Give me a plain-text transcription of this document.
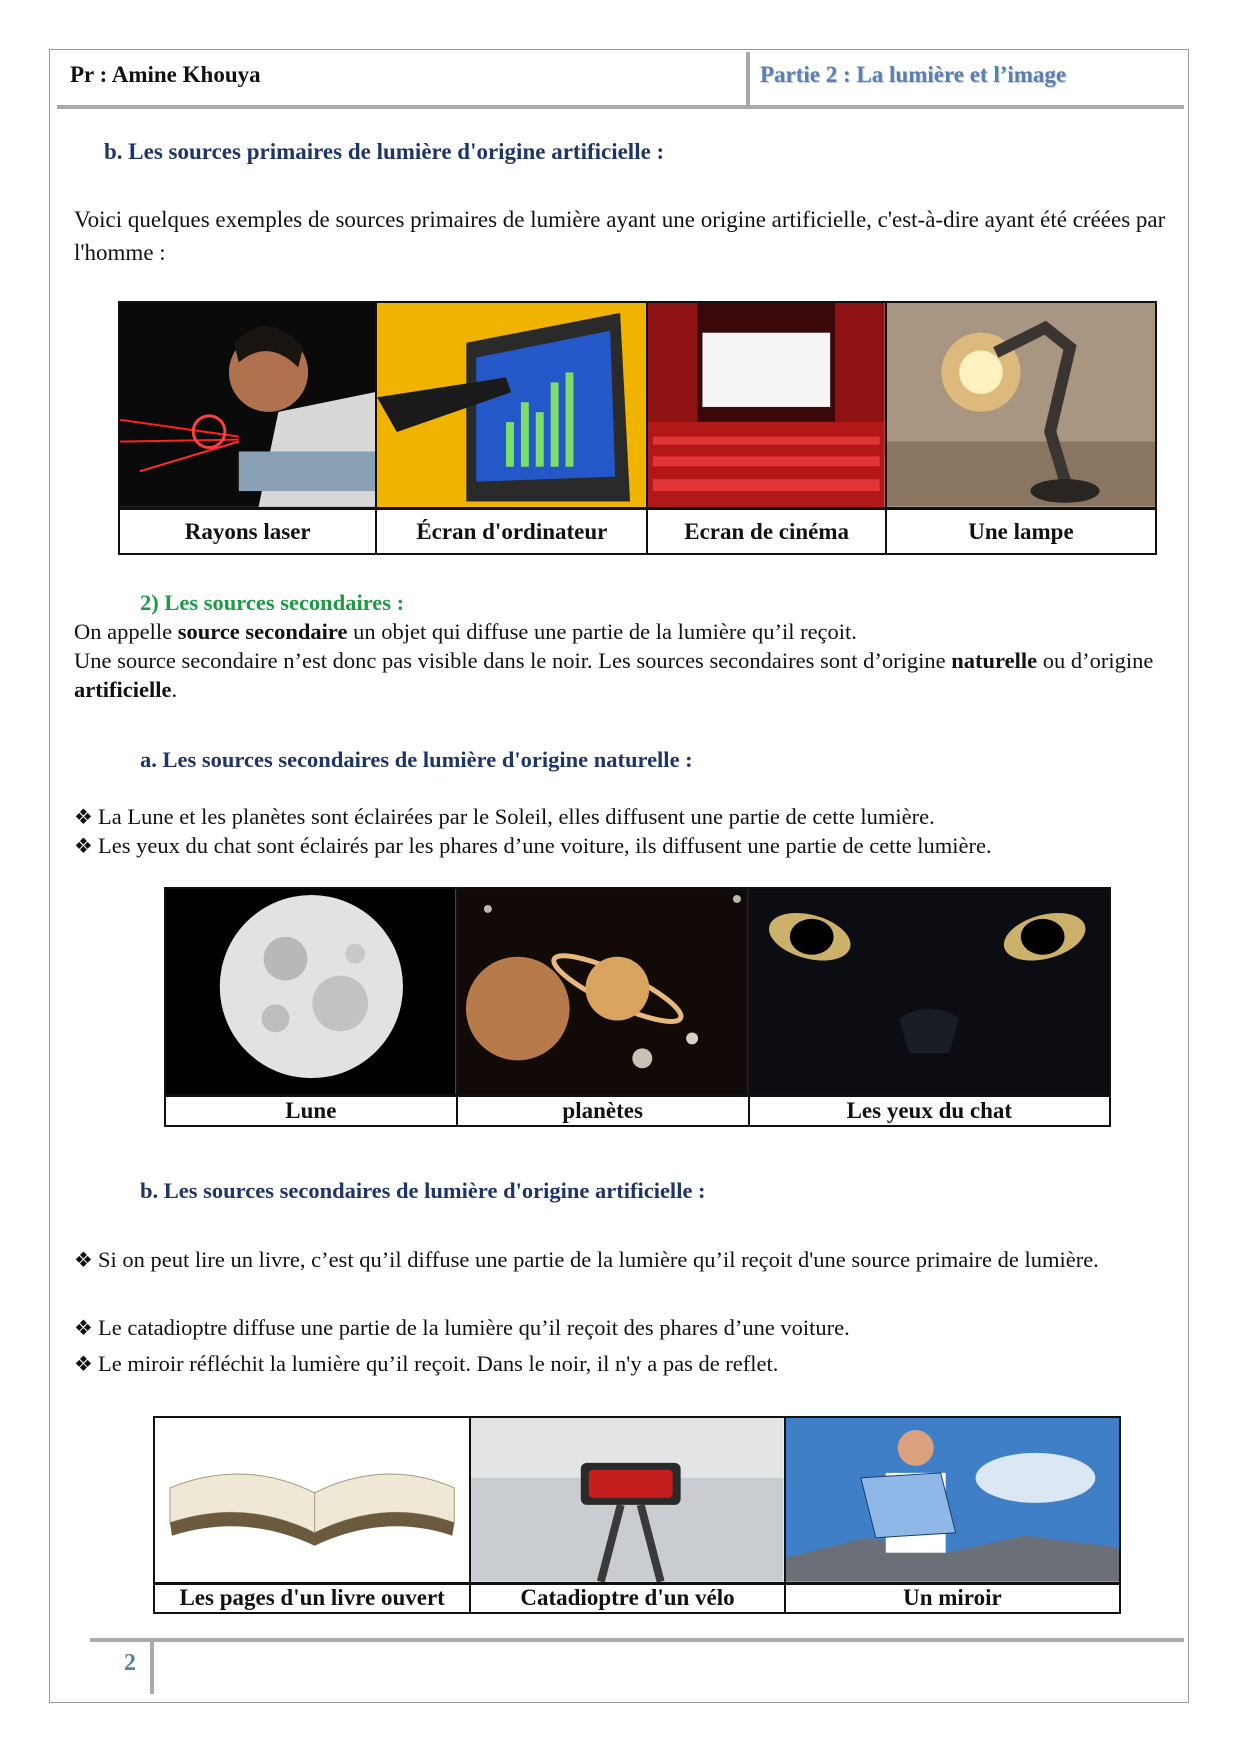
Pr : Amine Khouya	Partie 2 : La lumière et l’image
b. Les sources primaires de lumière d'origine artificielle :
Voici quelques exemples de sources primaires de lumière ayant une origine artificielle, c'est-à-dire ayant été créées par l'homme :

Rayons laser	Écran d'ordinateur	Ecran de cinéma	Une lampe
2) Les sources secondaires :
On appelle source secondaire un objet qui diffuse une partie de la lumière qu’il reçoit.
Une source secondaire n’est donc pas visible dans le noir. Les sources secondaires sont d’origine naturelle ou d’origine artificielle.
a. Les sources secondaires de lumière d'origine naturelle :
❖ La Lune et les planètes sont éclairées par le Soleil, elles diffusent une partie de cette lumière.
❖ Les yeux du chat sont éclairés par les phares d’une voiture, ils diffusent une partie de cette lumière.

Lune	planètes	Les yeux du chat
b. Les sources secondaires de lumière d'origine artificielle :
❖ Si on peut lire un livre, c’est qu’il diffuse une partie de la lumière qu’il reçoit d'une source primaire de lumière.
❖ Le catadioptre diffuse une partie de la lumière qu’il reçoit des phares d’une voiture.
❖ Le miroir réfléchit la lumière qu’il reçoit. Dans le noir, il n'y a pas de reflet.

Les pages d'un livre ouvert	Catadioptre d'un vélo	Un miroir
2
